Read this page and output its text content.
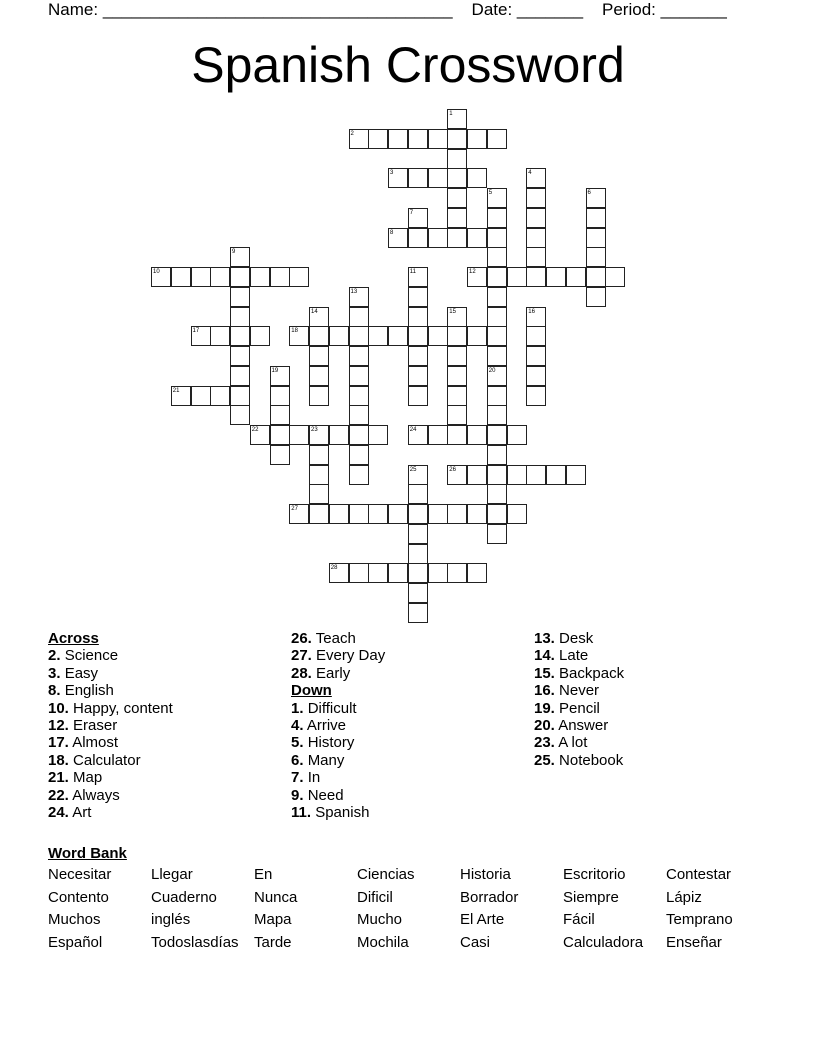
Name: _____________________________________ Date: _______ Period: _______
Spanish Crossword
1
2
3	4
5	6
7
8
9
10	11	12
13
14	15	16
17	18
19	20
21
22	23	24
25	26
27
28
Across
2. Science
3. Easy
8. English
10. Happy, content
12. Eraser
17. Almost
18. Calculator
21. Map
22. Always
24. Art
26. Teach
27. Every Day
28. Early
Down
1. Difficult
4. Arrive
5. History
6. Many
7. In
9. Need
11. Spanish
13. Desk
14. Late
15. Backpack
16. Never
19. Pencil
20. Answer
23. A lot
25. Notebook
Word Bank
Necesitar	Llegar	En	Ciencias	Historia	Escritorio	Contestar
Contento	Cuaderno	Nunca	Dificil	Borrador	Siempre	Lápiz
Muchos	inglés	Mapa	Mucho	El Arte	Fácil	Temprano
Español	Todoslasdías	Tarde	Mochila	Casi	Calculadora	Enseñar
